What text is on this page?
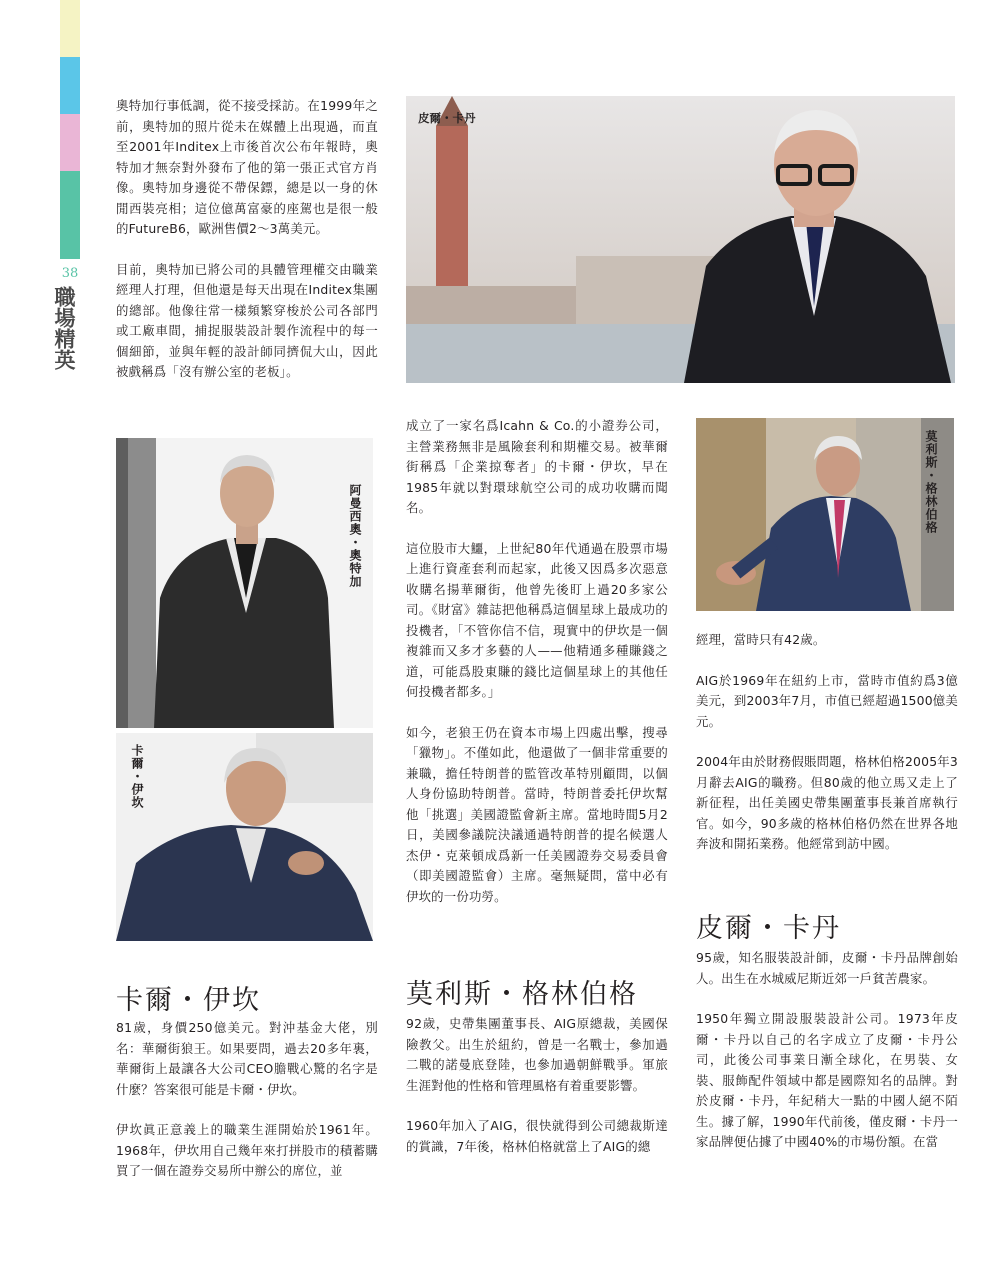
38
職場精英

奧特加行事低調，從不接受採訪。在1999年之前，奧特加的照片從未在媒體上出現過，而直至2001年Inditex上市後首次公布年報時，奧特加才無奈對外發布了他的第一張正式官方肖像。奧特加身邊從不帶保鏢，總是以一身的休閒西裝亮相；這位億萬富豪的座駕也是很一般的FutureB6，歐洲售價2～3萬美元。

目前，奧特加已將公司的具體管理權交由職業經理人打理，但他還是每天出現在Inditex集團的總部。他像往常一樣頻繁穿梭於公司各部門或工廠車間，捕捉服裝設計製作流程中的每一個細節，並與年輕的設計師同擠侃大山，因此被戲稱爲「沒有辦公室的老板」。

阿曼西奧・奧特加
卡爾・伊坎
卡爾・伊坎

81歲，身價250億美元。對沖基金大佬，別名：華爾街狼王。如果要問，過去20多年裏，華爾街上最讓各大公司CEO膽戰心驚的名字是什麼？答案很可能是卡爾・伊坎。

伊坎眞正意義上的職業生涯開始於1961年。1968年，伊坎用自己幾年來打拼股市的積蓄購買了一個在證券交易所中辦公的席位，並

皮爾・卡丹

成立了一家名爲Icahn & Co.的小證券公司，主營業務無非是風險套利和期權交易。被華爾街稱爲「企業掠奪者」的卡爾・伊坎，早在1985年就以對環球航空公司的成功收購而聞名。

這位股市大鱷，上世紀80年代通過在股票市場上進行資產套利而起家，此後又因爲多次惡意收購名揚華爾街，他曾先後盯上過20多家公司。《財富》雜誌把他稱爲這個星球上最成功的投機者，「不管你信不信，現實中的伊坎是一個複雜而又多才多藝的人——他精通多種賺錢之道，可能爲股東賺的錢比這個星球上的其他任何投機者都多。」

如今，老狼王仍在資本市場上四處出擊，搜尋「獵物」。不僅如此，他還做了一個非常重要的兼職，擔任特朗普的監管改革特別顧問，以個人身份協助特朗普。當時，特朗普委托伊坎幫他「挑選」美國證監會新主席。當地時間5月2日，美國參議院決議通過特朗普的提名候選人杰伊・克萊頓成爲新一任美國證券交易委員會（即美國證監會）主席。毫無疑問，當中必有伊坎的一份功勞。

莫利斯・格林伯格

92歲，史帶集團董事長、AIG原總裁，美國保險教父。出生於紐約，曾是一名戰士，參加過二戰的諾曼底登陸，也參加過朝鮮戰爭。軍旅生涯對他的性格和管理風格有着重要影響。

1960年加入了AIG，很快就得到公司總裁斯達的賞識，7年後，格林伯格就當上了AIG的總

莫利斯・格林伯格

經理，當時只有42歲。

AIG於1969年在紐約上市，當時市值約爲3億美元，到2003年7月，市值已經超過1500億美元。

2004年由於財務假賬問題，格林伯格2005年3月辭去AIG的職務。但80歲的他立馬又走上了新征程，出任美國史帶集團董事長兼首席執行官。如今，90多歲的格林伯格仍然在世界各地奔波和開拓業務。他經常到訪中國。

皮爾・卡丹

95歲，知名服裝設計師，皮爾・卡丹品牌創始人。出生在水城威尼斯近郊一戶貧苦農家。

1950年獨立開設服裝設計公司。1973年皮爾・卡丹以自己的名字成立了皮爾・卡丹公司，此後公司事業日漸全球化，在男裝、女裝、服飾配件領域中都是國際知名的品牌。對於皮爾・卡丹，年紀稍大一點的中國人絕不陌生。據了解，1990年代前後，僅皮爾・卡丹一家品牌便佔據了中國40%的市場份額。在當
